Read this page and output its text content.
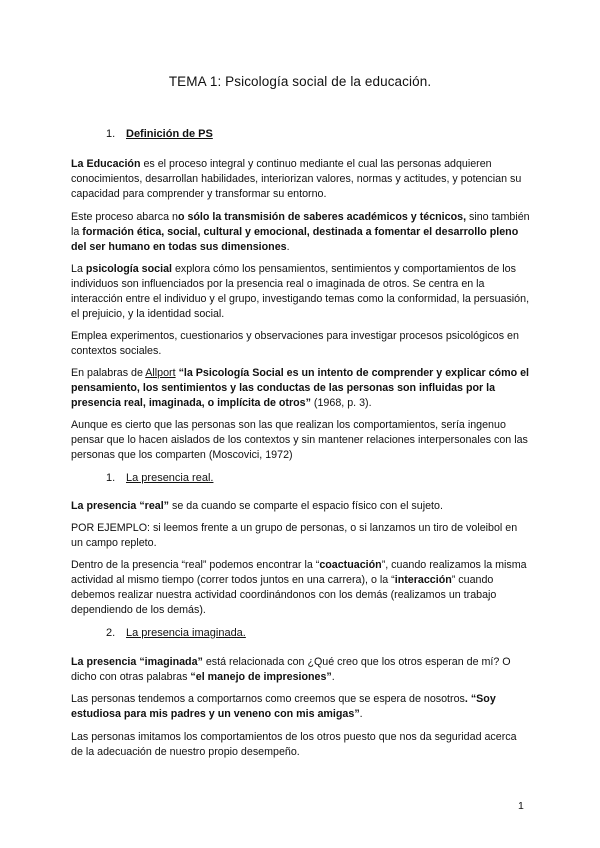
TEMA 1: Psicología social de la educación.
1. Definición de PS

La Educación es el proceso integral y continuo mediante el cual las personas adquieren conocimientos, desarrollan habilidades, interiorizan valores, normas y actitudes, y potencian su capacidad para comprender y transformar su entorno.

Este proceso abarca no sólo la transmisión de saberes académicos y técnicos, sino también la formación ética, social, cultural y emocional, destinada a fomentar el desarrollo pleno del ser humano en todas sus dimensiones.

La psicología social explora cómo los pensamientos, sentimientos y comportamientos de los individuos son influenciados por la presencia real o imaginada de otros. Se centra en la interacción entre el individuo y el grupo, investigando temas como la conformidad, la persuasión, el prejuicio, y la identidad social.

Emplea experimentos, cuestionarios y observaciones para investigar procesos psicológicos en contextos sociales.

En palabras de Allport “la Psicología Social es un intento de comprender y explicar cómo el pensamiento, los sentimientos y las conductas de las personas son influidas por la presencia real, imaginada, o implícita de otros” (1968, p. 3).

Aunque es cierto que las personas son las que realizan los comportamientos, sería ingenuo pensar que lo hacen aislados de los contextos y sin mantener relaciones interpersonales con las personas que los comparten (Moscovici, 1972)

1. La presencia real.

La presencia “real” se da cuando se comparte el espacio físico con el sujeto.

POR EJEMPLO: si leemos frente a un grupo de personas, o si lanzamos un tiro de voleibol en un campo repleto.

Dentro de la presencia “real” podemos encontrar la “coactuación”, cuando realizamos la misma actividad al mismo tiempo (correr todos juntos en una carrera), o la “interacción” cuando debemos realizar nuestra actividad coordinándonos con los demás (realizamos un trabajo dependiendo de los demás).

2. La presencia imaginada.

La presencia “imaginada” está relacionada con ¿Qué creo que los otros esperan de mí? O dicho con otras palabras “el manejo de impresiones”.

Las personas tendemos a comportarnos como creemos que se espera de nosotros. “Soy estudiosa para mis padres y un veneno con mis amigas”.

Las personas imitamos los comportamientos de los otros puesto que nos da seguridad acerca de la adecuación de nuestro propio desempeño.

1
